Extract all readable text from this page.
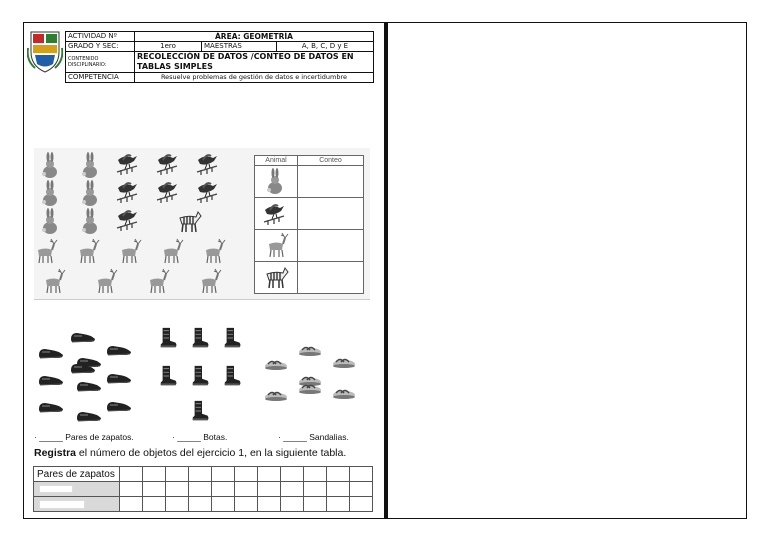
ACTIVIDAD Nº	ÁREA: GEOMETRÍA		
GRADO Y SEC:	1ero	MAESTRAS	A, B, C, D y E
CONTENIDO DISCIPLINARIO:	RECOLECCIÓN DE DATOS /CONTEO DE DATOS EN TABLAS SIMPLES		
COMPETENCIA	Resuelve problemas de gestión de datos e incertidumbre		
Animal	Conteo

· _____ Pares de zapatos.	· _____ Botas.	· _____ Sandalias.
Registra el número de objetos del ejercicio 1, en la siguiente tabla.
Pares de zapatos											
